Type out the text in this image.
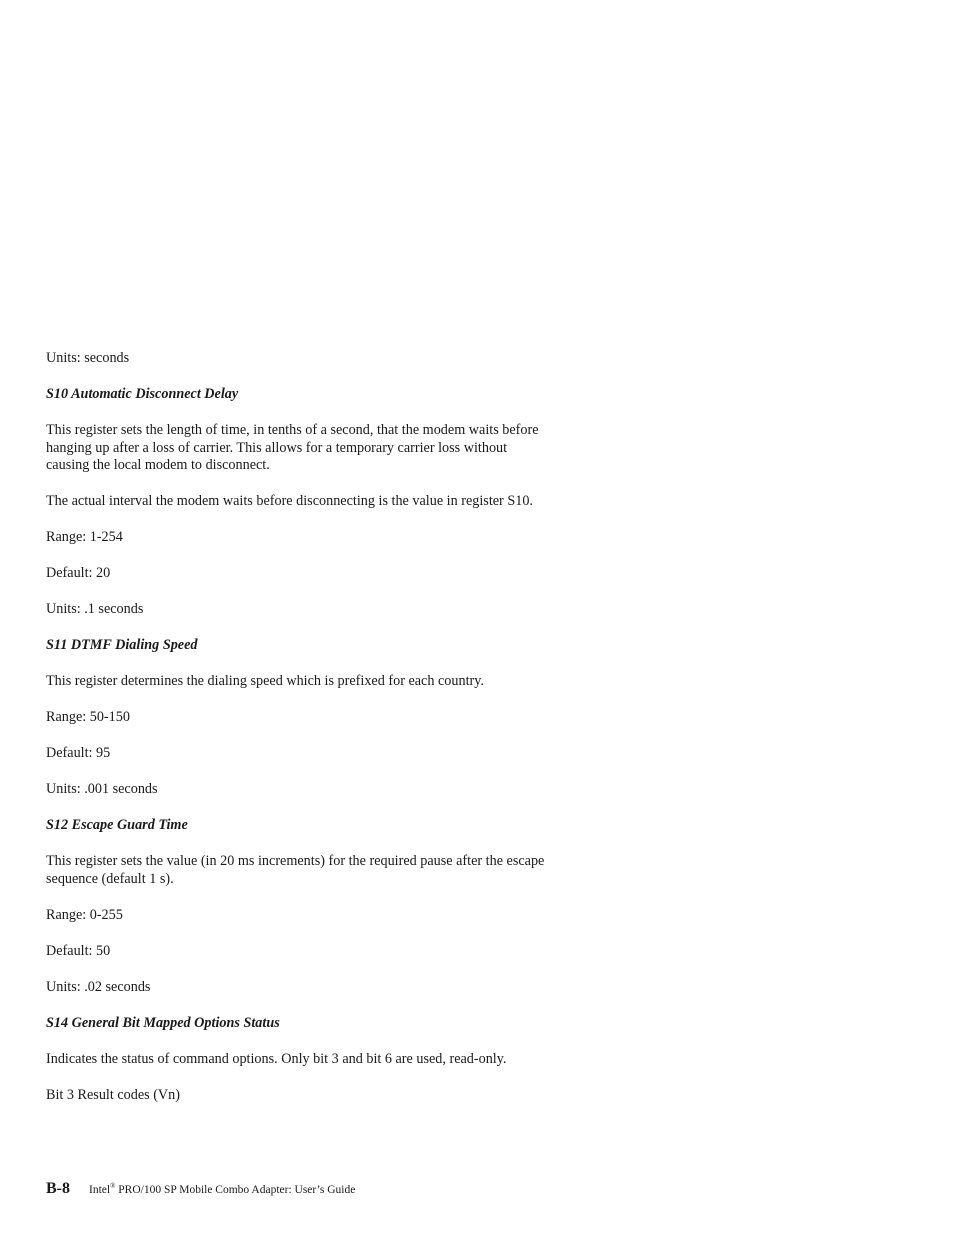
Units: seconds
S10 Automatic Disconnect Delay
This register sets the length of time, in tenths of a second, that the modem waits before hanging up after a loss of carrier. This allows for a temporary carrier loss without causing the local modem to disconnect.
The actual interval the modem waits before disconnecting is the value in register S10.
Range: 1-254
Default: 20
Units: .1 seconds
S11 DTMF Dialing Speed
This register determines the dialing speed which is prefixed for each country.
Range: 50-150
Default: 95
Units: .001 seconds
S12 Escape Guard Time
This register sets the value (in 20 ms increments) for the required pause after the escape sequence (default 1 s).
Range: 0-255
Default: 50
Units: .02 seconds
S14 General Bit Mapped Options Status
Indicates the status of command options. Only bit 3 and bit 6 are used, read-only.
Bit 3 Result codes (Vn)
B-8 Intel® PRO/100 SP Mobile Combo Adapter: User’s Guide
